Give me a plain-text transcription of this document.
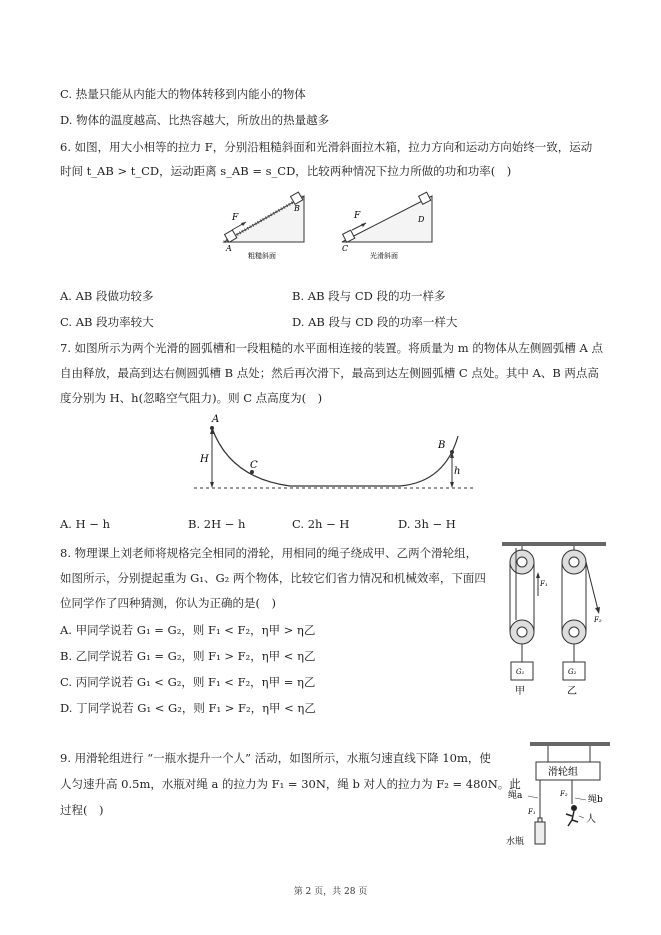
C. 热量只能从内能大的物体转移到内能小的物体
D. 物体的温度越高、比热容越大，所放出的热量越多
6. 如图，用大小相等的拉力 F，分别沿粗糙斜面和光滑斜面拉木箱，拉力方向和运动方向始终一致，运动
时间 t_AB > t_CD，运动距离 s_AB = s_CD，比较两种情况下拉力所做的功和功率(　)
F
A
B
粗糙斜面
F
C
D
光滑斜面
A. AB 段做功较多	B. AB 段与 CD 段的功一样多
C. AB 段功率较大	D. AB 段与 CD 段的功率一样大
7. 如图所示为两个光滑的圆弧槽和一段粗糙的水平面相连接的装置。将质量为 m 的物体从左侧圆弧槽 A 点
自由释放，最高到达右侧圆弧槽 B 点处；然后再次滑下，最高到达左侧圆弧槽 C 点处。其中 A、B 两点高
度分别为 H、h(忽略空气阻力)。则 C 点高度为(　)
A
H
C
B
h
A. H − h	B. 2H − h	C. 2h − H	D. 3h − H
8. 物理课上刘老师将规格完全相同的滑轮，用相同的绳子绕成甲、乙两个滑轮组，
如图所示，分别提起重为 G₁、G₂ 两个物体，比较它们省力情况和机械效率，下面四
位同学作了四种猜测，你认为正确的是(　)
A. 甲同学说若 G₁ = G₂，则 F₁ < F₂，η甲 > η乙
B. 乙同学说若 G₁ = G₂，则 F₁ > F₂，η甲 < η乙
C. 丙同学说若 G₁ < G₂，则 F₁ < F₂，η甲 = η乙
D. 丁同学说若 G₁ < G₂，则 F₁ > F₂，η甲 < η乙
F₁
G₁
甲
F₂
G₂
乙
9. 用滑轮组进行 “一瓶水提升一个人” 活动，如图所示，水瓶匀速直线下降 10m，使
人匀速升高 0.5m，水瓶对绳 a 的拉力为 F₁ = 30N，绳 b 对人的拉力为 F₂ = 480N。此
过程(　)
滑轮组
绳a
F₁
水瓶
F₂
绳b
人
第 2 页，共 28 页
